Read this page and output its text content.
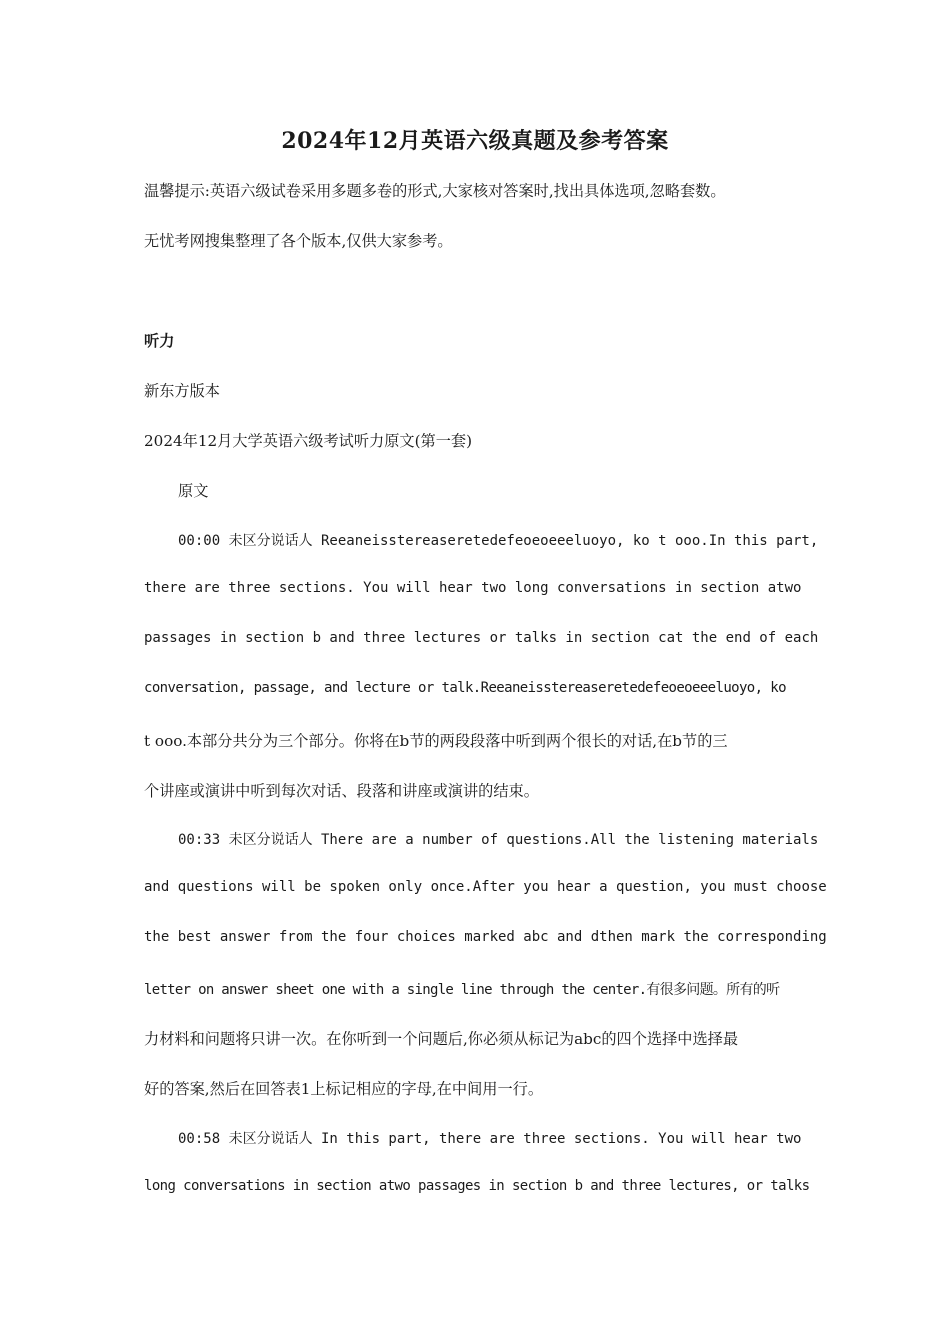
2024年12月英语六级真题及参考答案
温馨提示:英语六级试卷采用多题多卷的形式,大家核对答案时,找出具体选项,忽略套数。
无忧考网搜集整理了各个版本,仅供大家参考。
听力
新东方版本
2024年12月大学英语六级考试听力原文(第一套)
原文
00:00 未区分说话人 Reeaneisstereaseretedefeoeoeeeluoyo, ko t ooo.In this part,
there are three sections. You will hear two long conversations in section atwo
passages in section b and three lectures or talks in section cat the end of each
conversation, passage, and lecture or talk.Reeaneisstereaseretedefeoeoeeeluoyo, ko
t ooo.本部分共分为三个部分。你将在b节的两段段落中听到两个很长的对话,在b节的三
个讲座或演讲中听到每次对话、段落和讲座或演讲的结束。
00:33 未区分说话人 There are a number of questions.All the listening materials
and questions will be spoken only once.After you hear a question, you must choose
the best answer from the four choices marked abc and dthen mark the corresponding
letter on answer sheet one with a single line through the center.有很多问题。所有的听
力材料和问题将只讲一次。在你听到一个问题后,你必须从标记为abc的四个选择中选择最
好的答案,然后在回答表1上标记相应的字母,在中间用一行。
00:58 未区分说话人 In this part, there are three sections. You will hear two
long conversations in section atwo passages in section b and three lectures, or talks
